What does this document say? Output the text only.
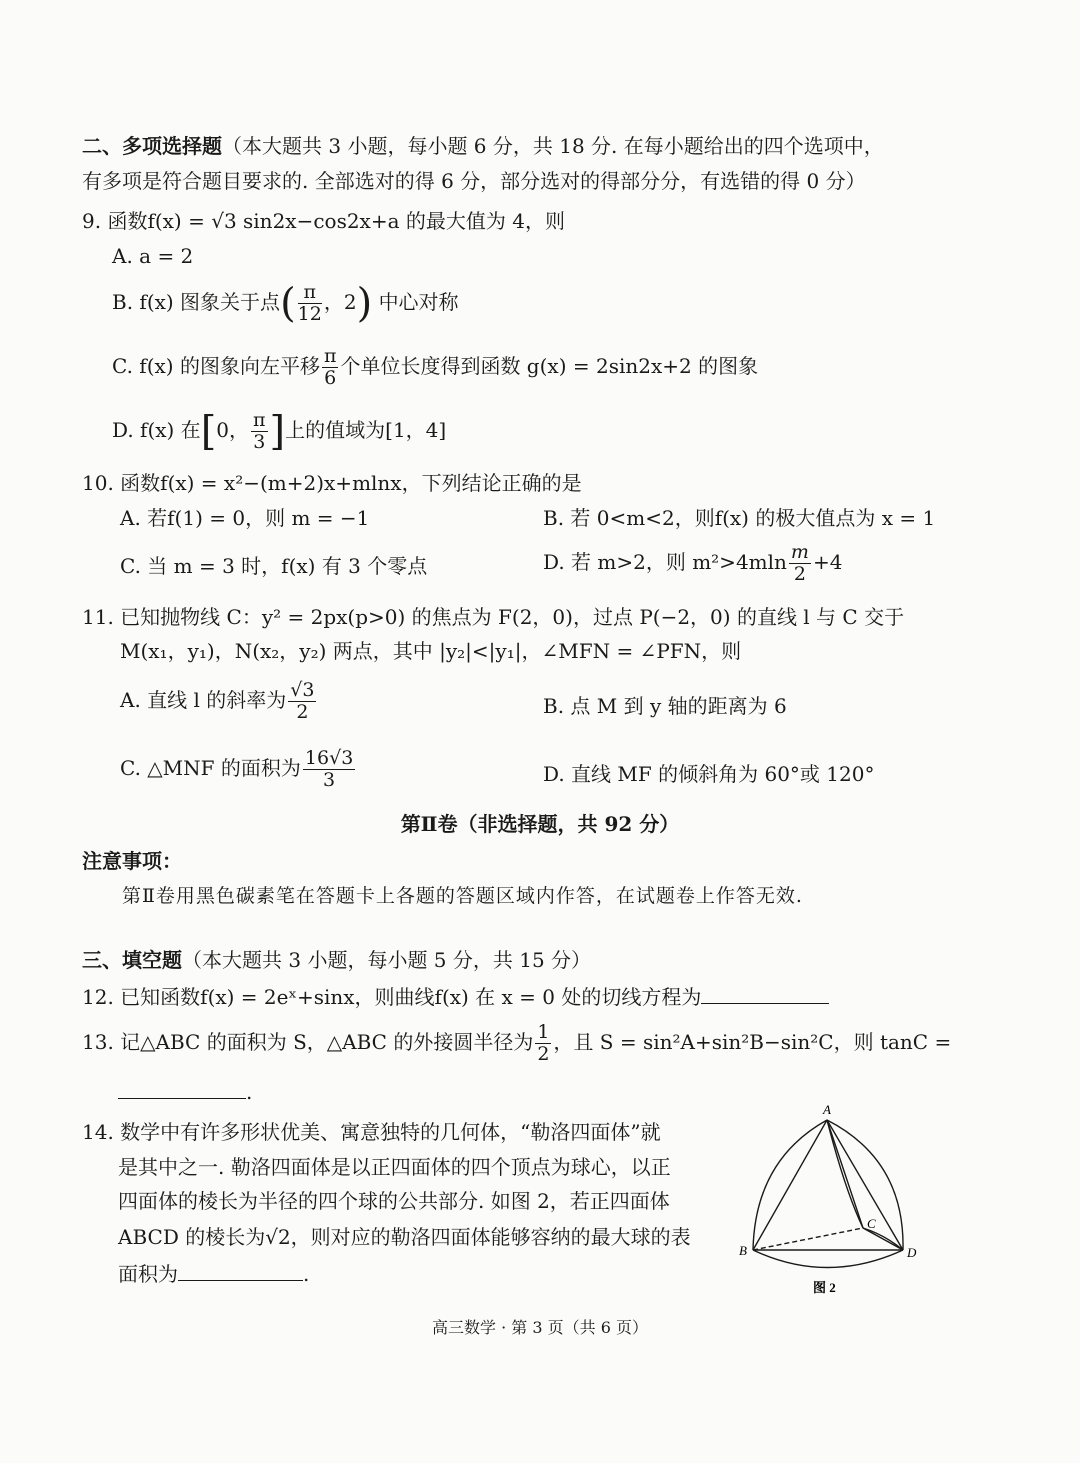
二、多项选择题（本大题共 3 小题，每小题 6 分，共 18 分. 在每小题给出的四个选项中，
有多项是符合题目要求的. 全部选对的得 6 分，部分选对的得部分分，有选错的得 0 分）
9. 函数f(x) = √3 sin2x−cos2x+a 的最大值为 4，则
A. a = 2
B. f(x) 图象关于点( $\frac{\pi}{12}$ ，2) 中心对称
C. f(x) 的图象向左平移 $\frac{\pi}{6}$ 个单位长度得到函数 g(x) = 2sin2x+2 的图象
D. f(x) 在[0， $\frac{\pi}{3}$ ]上的值域为[1，4]
10. 函数f(x) = x²−(m+2)x+mlnx，下列结论正确的是
A. 若f(1) = 0，则 m = −1	B. 若 0<m<2，则f(x) 的极大值点为 x = 1
C. 当 m = 3 时，f(x) 有 3 个零点	D. 若 m>2，则 $m^2>4mln \frac{m}{2} +4$
11. 已知抛物线 C：y² = 2px(p>0) 的焦点为 F(2，0)，过点 P(−2，0) 的直线 l 与 C 交于
M(x₁，y₁)，N(x₂，y₂) 两点，其中 |y₂|<|y₁|，∠MFN = ∠PFN，则
A. 直线 l 的斜率为 $\frac{√3}{2}$	B. 点 M 到 y 轴的距离为 6
C. △MNF 的面积为 $\frac{16√3}{3}$	D. 直线 MF 的倾斜角为 60°或 120°
第Ⅱ卷（非选择题，共 92 分）
注意事项：
第Ⅱ卷用黑色碳素笔在答题卡上各题的答题区域内作答，在试题卷上作答无效.
三、填空题（本大题共 3 小题，每小题 5 分，共 15 分）
12. 已知函数f(x) = 2eˣ+sinx，则曲线f(x) 在 x = 0 处的切线方程为
13. 记△ABC 的面积为 S，△ABC 的外接圆半径为 $\frac{1}{2}$ ，且 S = sin²A+sin²B−sin²C，则 tanC =
.
14. 数学中有许多形状优美、寓意独特的几何体，“勒洛四面体”就
是其中之一. 勒洛四面体是以正四面体的四个顶点为球心，以正
四面体的棱长为半径的四个球的公共部分. 如图 2，若正四面体
ABCD 的棱长为√2，则对应的勒洛四面体能够容纳的最大球的表
面积为	.
A
B
C
D
图 2
高三数学 · 第 3 页（共 6 页）
